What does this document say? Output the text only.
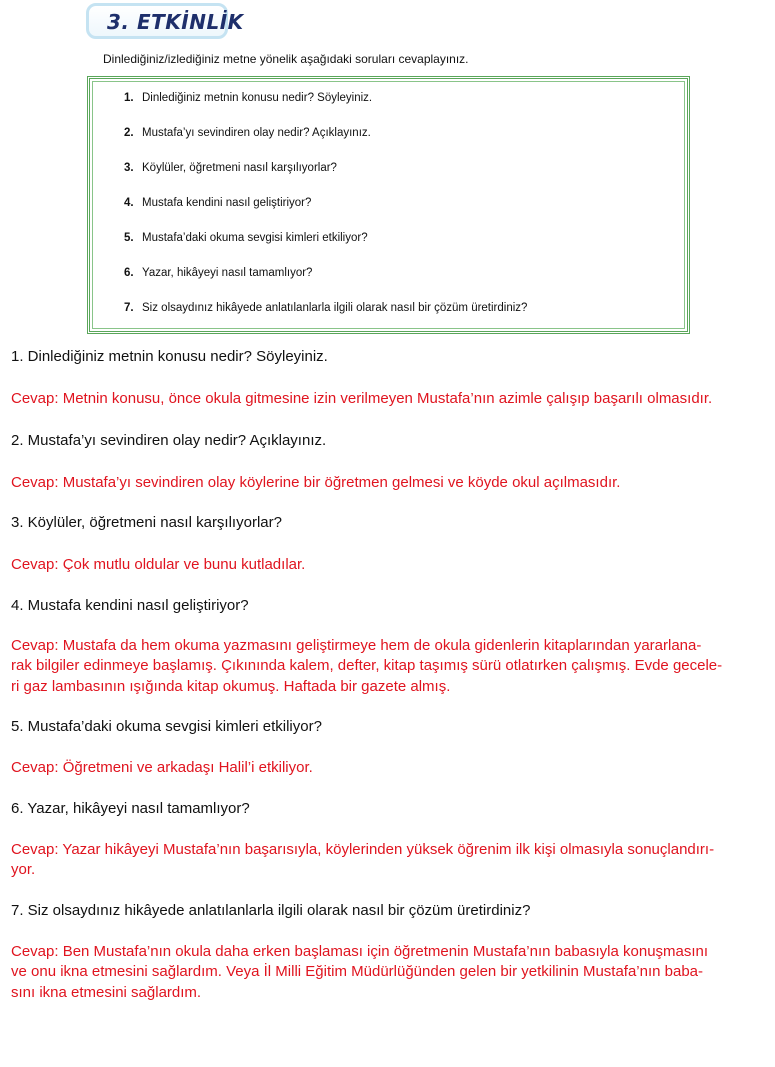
3. ETKİNLİK
Dinlediğiniz/izlediğiniz metne yönelik aşağıdaki soruları cevaplayınız.
1. Dinlediğiniz metnin konusu nedir? Söyleyiniz.
2. Mustafa’yı sevindiren olay nedir? Açıklayınız.
3. Köylüler, öğretmeni nasıl karşılıyorlar?
4. Mustafa kendini nasıl geliştiriyor?
5. Mustafa’daki okuma sevgisi kimleri etkiliyor?
6. Yazar, hikâyeyi nasıl tamamlıyor?
7. Siz olsaydınız hikâyede anlatılanlarla ilgili olarak nasıl bir çözüm üretirdiniz?

1. Dinlediğiniz metnin konusu nedir? Söyleyiniz.

Cevap: Metnin konusu, önce okula gitmesine izin verilmeyen Mustafa’nın azimle çalışıp başarılı olmasıdır.

2. Mustafa’yı sevindiren olay nedir? Açıklayınız.

Cevap: Mustafa’yı sevindiren olay köylerine bir öğretmen gelmesi ve köyde okul açılmasıdır.

3. Köylüler, öğretmeni nasıl karşılıyorlar?

Cevap: Çok mutlu oldular ve bunu kutladılar.

4. Mustafa kendini nasıl geliştiriyor?

Cevap: Mustafa da hem okuma yazmasını geliştirmeye hem de okula gidenlerin kitaplarından yararlana-

rak bilgiler edinmeye başlamış. Çıkınında kalem, defter, kitap taşımış sürü otlatırken çalışmış. Evde gecele-

ri gaz lambasının ışığında kitap okumuş. Haftada bir gazete almış.

5. Mustafa’daki okuma sevgisi kimleri etkiliyor?

Cevap: Öğretmeni ve arkadaşı Halil’i etkiliyor.

6. Yazar, hikâyeyi nasıl tamamlıyor?

Cevap: Yazar hikâyeyi Mustafa’nın başarısıyla, köylerinden yüksek öğrenim ilk kişi olmasıyla sonuçlandırı-

yor.

7. Siz olsaydınız hikâyede anlatılanlarla ilgili olarak nasıl bir çözüm üretirdiniz?

Cevap: Ben Mustafa’nın okula daha erken başlaması için öğretmenin Mustafa’nın babasıyla konuşmasını

ve onu ikna etmesini sağlardım. Veya İl Milli Eğitim Müdürlüğünden gelen bir yetkilinin Mustafa’nın baba-

sını ikna etmesini sağlardım.
